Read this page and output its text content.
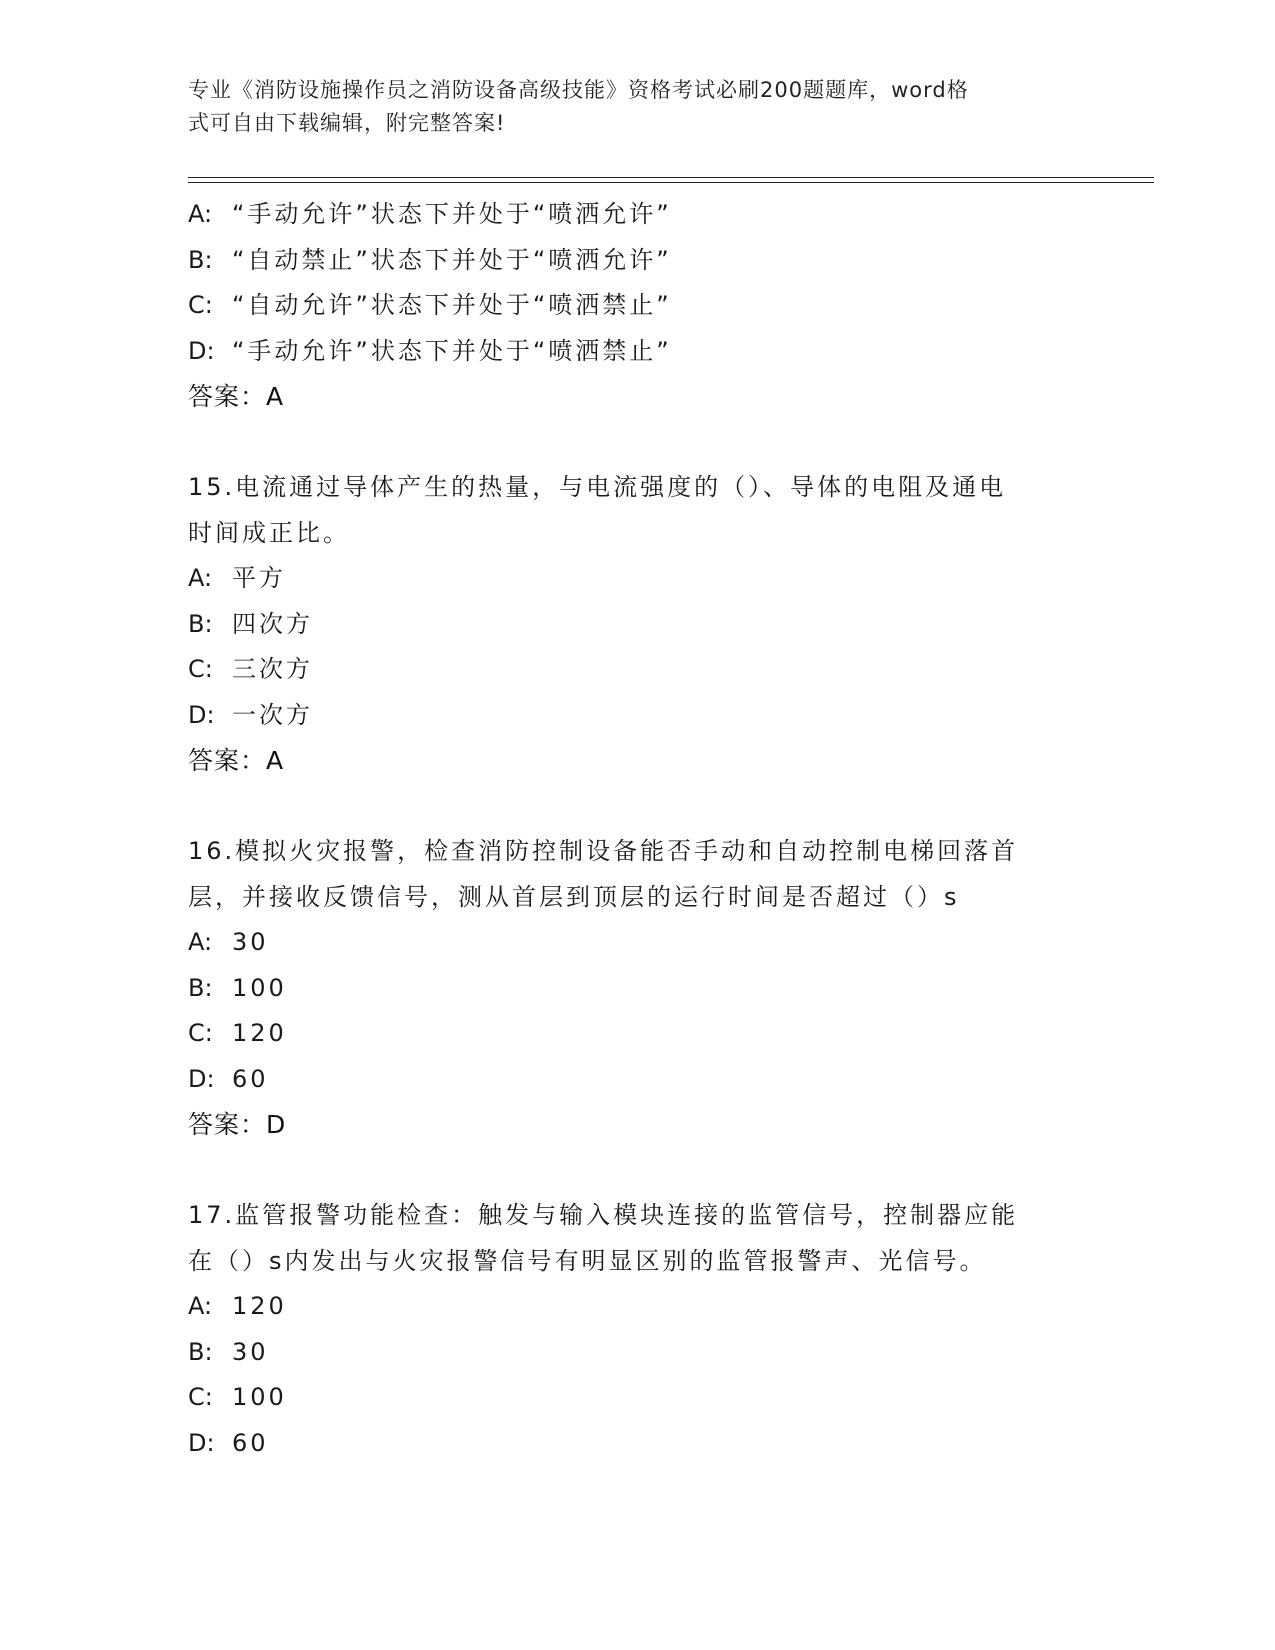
专业《消防设施操作员之消防设备高级技能》资格考试必刷200题题库，word格
式可自由下载编辑，附完整答案!
A: “手动允许”状态下并处于“喷洒允许”
B: “自动禁止”状态下并处于“喷洒允许”
C: “自动允许”状态下并处于“喷洒禁止”
D: “手动允许”状态下并处于“喷洒禁止”
答案：A
15.电流通过导体产生的热量，与电流强度的（）、导体的电阻及通电
时间成正比。
A: 平方
B: 四次方
C: 三次方
D: 一次方
答案：A
16.模拟火灾报警，检查消防控制设备能否手动和自动控制电梯回落首
层，并接收反馈信号，测从首层到顶层的运行时间是否超过（）s
A: 30
B: 100
C: 120
D: 60
答案：D
17.监管报警功能检查：触发与输入模块连接的监管信号，控制器应能
在（）s内发出与火灾报警信号有明显区别的监管报警声、光信号。
A: 120
B: 30
C: 100
D: 60
